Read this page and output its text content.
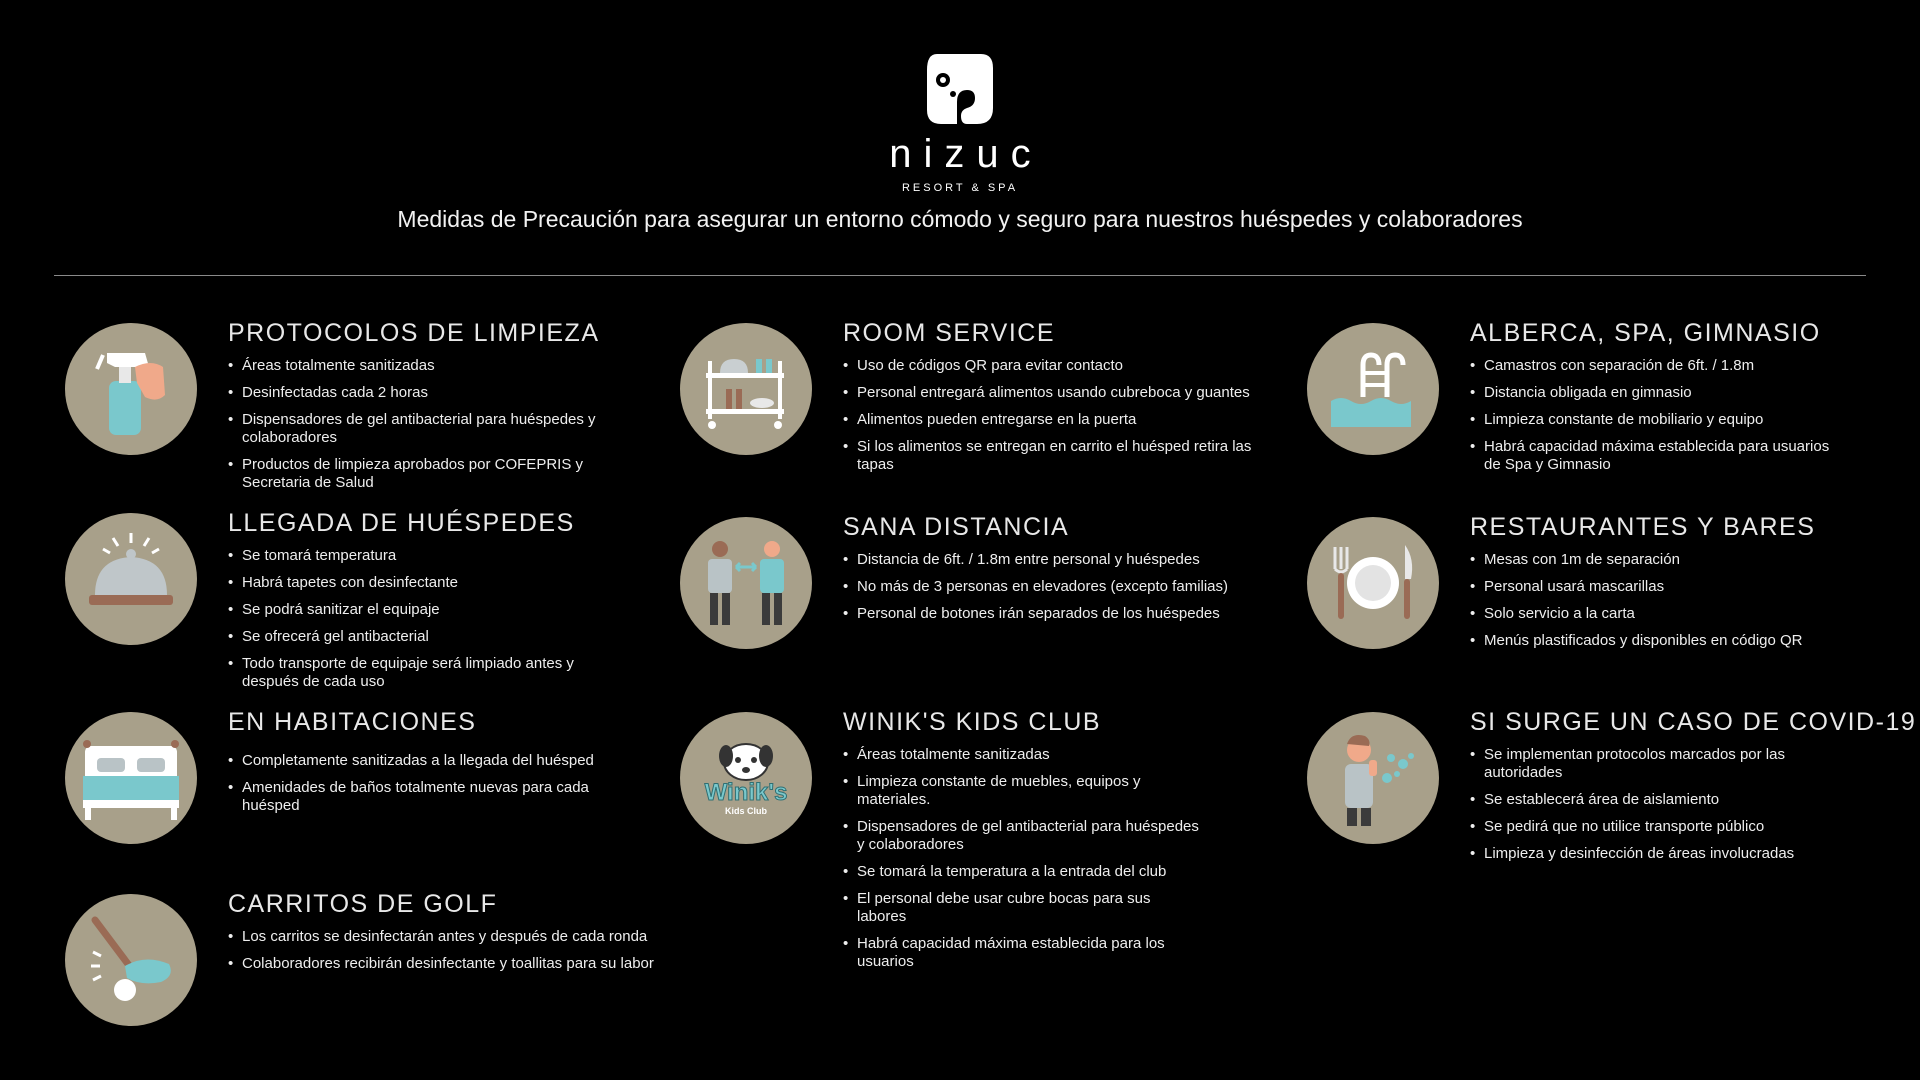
nizuc
RESORT & SPA
Medidas de Precaución para asegurar un entorno cómodo y seguro para nuestros huéspedes y colaboradores
PROTOCOLOS DE LIMPIEZA
• Áreas totalmente sanitizadas
• Desinfectadas cada 2 horas
• Dispensadores de gel antibacterial para huéspedes y colaboradores
• Productos de limpieza aprobados por COFEPRIS y Secretaria de Salud
LLEGADA DE HUÉSPEDES
• Se tomará temperatura
• Habrá tapetes con desinfectante
• Se podrá sanitizar el equipaje
• Se ofrecerá gel antibacterial
• Todo transporte de equipaje será limpiado antes y después de cada uso
EN HABITACIONES
• Completamente sanitizadas a la llegada del huésped
• Amenidades de baños totalmente nuevas para cada huésped
CARRITOS DE GOLF
• Los carritos se desinfectarán antes y después de cada ronda
• Colaboradores recibirán desinfectante y toallitas para su labor
ROOM SERVICE
• Uso de códigos QR para evitar contacto
• Personal entregará alimentos usando cubreboca y guantes
• Alimentos pueden entregarse en la puerta
• Si los alimentos se entregan en carrito el huésped retira las tapas
SANA DISTANCIA
• Distancia de 6ft. / 1.8m entre personal y huéspedes
• No más de 3 personas en elevadores (excepto familias)
• Personal de botones irán separados de los huéspedes
Winik's
Kids Club
WINIK'S KIDS CLUB
• Áreas totalmente sanitizadas
• Limpieza constante de muebles, equipos y materiales.
• Dispensadores de gel antibacterial para huéspedes y colaboradores
• Se tomará la temperatura a la entrada del club
• El personal debe usar cubre bocas para sus labores
• Habrá capacidad máxima establecida para los usuarios
ALBERCA, SPA, GIMNASIO
• Camastros con separación de 6ft. / 1.8m
• Distancia obligada en gimnasio
• Limpieza constante de mobiliario y equipo
• Habrá capacidad máxima establecida para usuarios de Spa y Gimnasio
RESTAURANTES Y BARES
• Mesas con 1m de separación
• Personal usará mascarillas
• Solo servicio a la carta
• Menús plastificados y disponibles en código QR
SI SURGE UN CASO DE COVID-19
• Se implementan protocolos marcados por las autoridades
• Se establecerá área de aislamiento
• Se pedirá que no utilice transporte público
• Limpieza y desinfección de áreas involucradas
